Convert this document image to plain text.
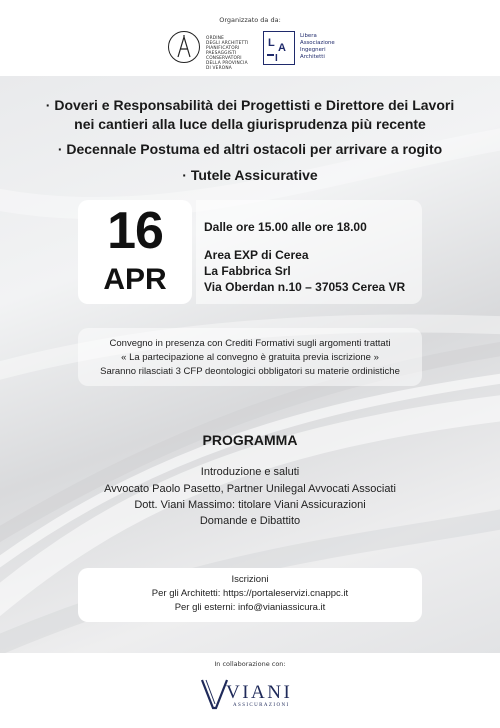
Organizzato da da:
ORDINE
DEGLI ARCHITETTI
PIANIFICATORI
PAESAGGISTI
CONSERVATORI
DELLA PROVINCIA
DI VERONA
L A
I
Libera
Associazione
Ingegneri
Architetti
· Doveri e Responsabilità dei Progettisti e Direttore dei Lavori
nei cantieri alla luce della giurisprudenza più recente
· Decennale Postuma ed altri ostacoli per arrivare a rogito
· Tutele Assicurative
16
APR
Dalle ore 15.00 alle ore 18.00
Area EXP di Cerea
La Fabbrica Srl
Via Oberdan n.10 – 37053 Cerea VR
Convegno in presenza con Crediti Formativi sugli argomenti trattati
« La partecipazione al convegno è gratuita previa iscrizione »
Saranno rilasciati 3 CFP deontologici obbligatori su materie ordinistiche
PROGRAMMA
Introduzione e saluti
Avvocato Paolo Pasetto, Partner Unilegal Avvocati Associati
Dott. Viani Massimo: titolare Viani Assicurazioni
Domande e Dibattito
Iscrizioni
Per gli Architetti: https://portaleservizi.cnappc.it
Per gli esterni: info@vianiassicura.it
In collaborazione con:
VIANI
ASSICURAZIONI
